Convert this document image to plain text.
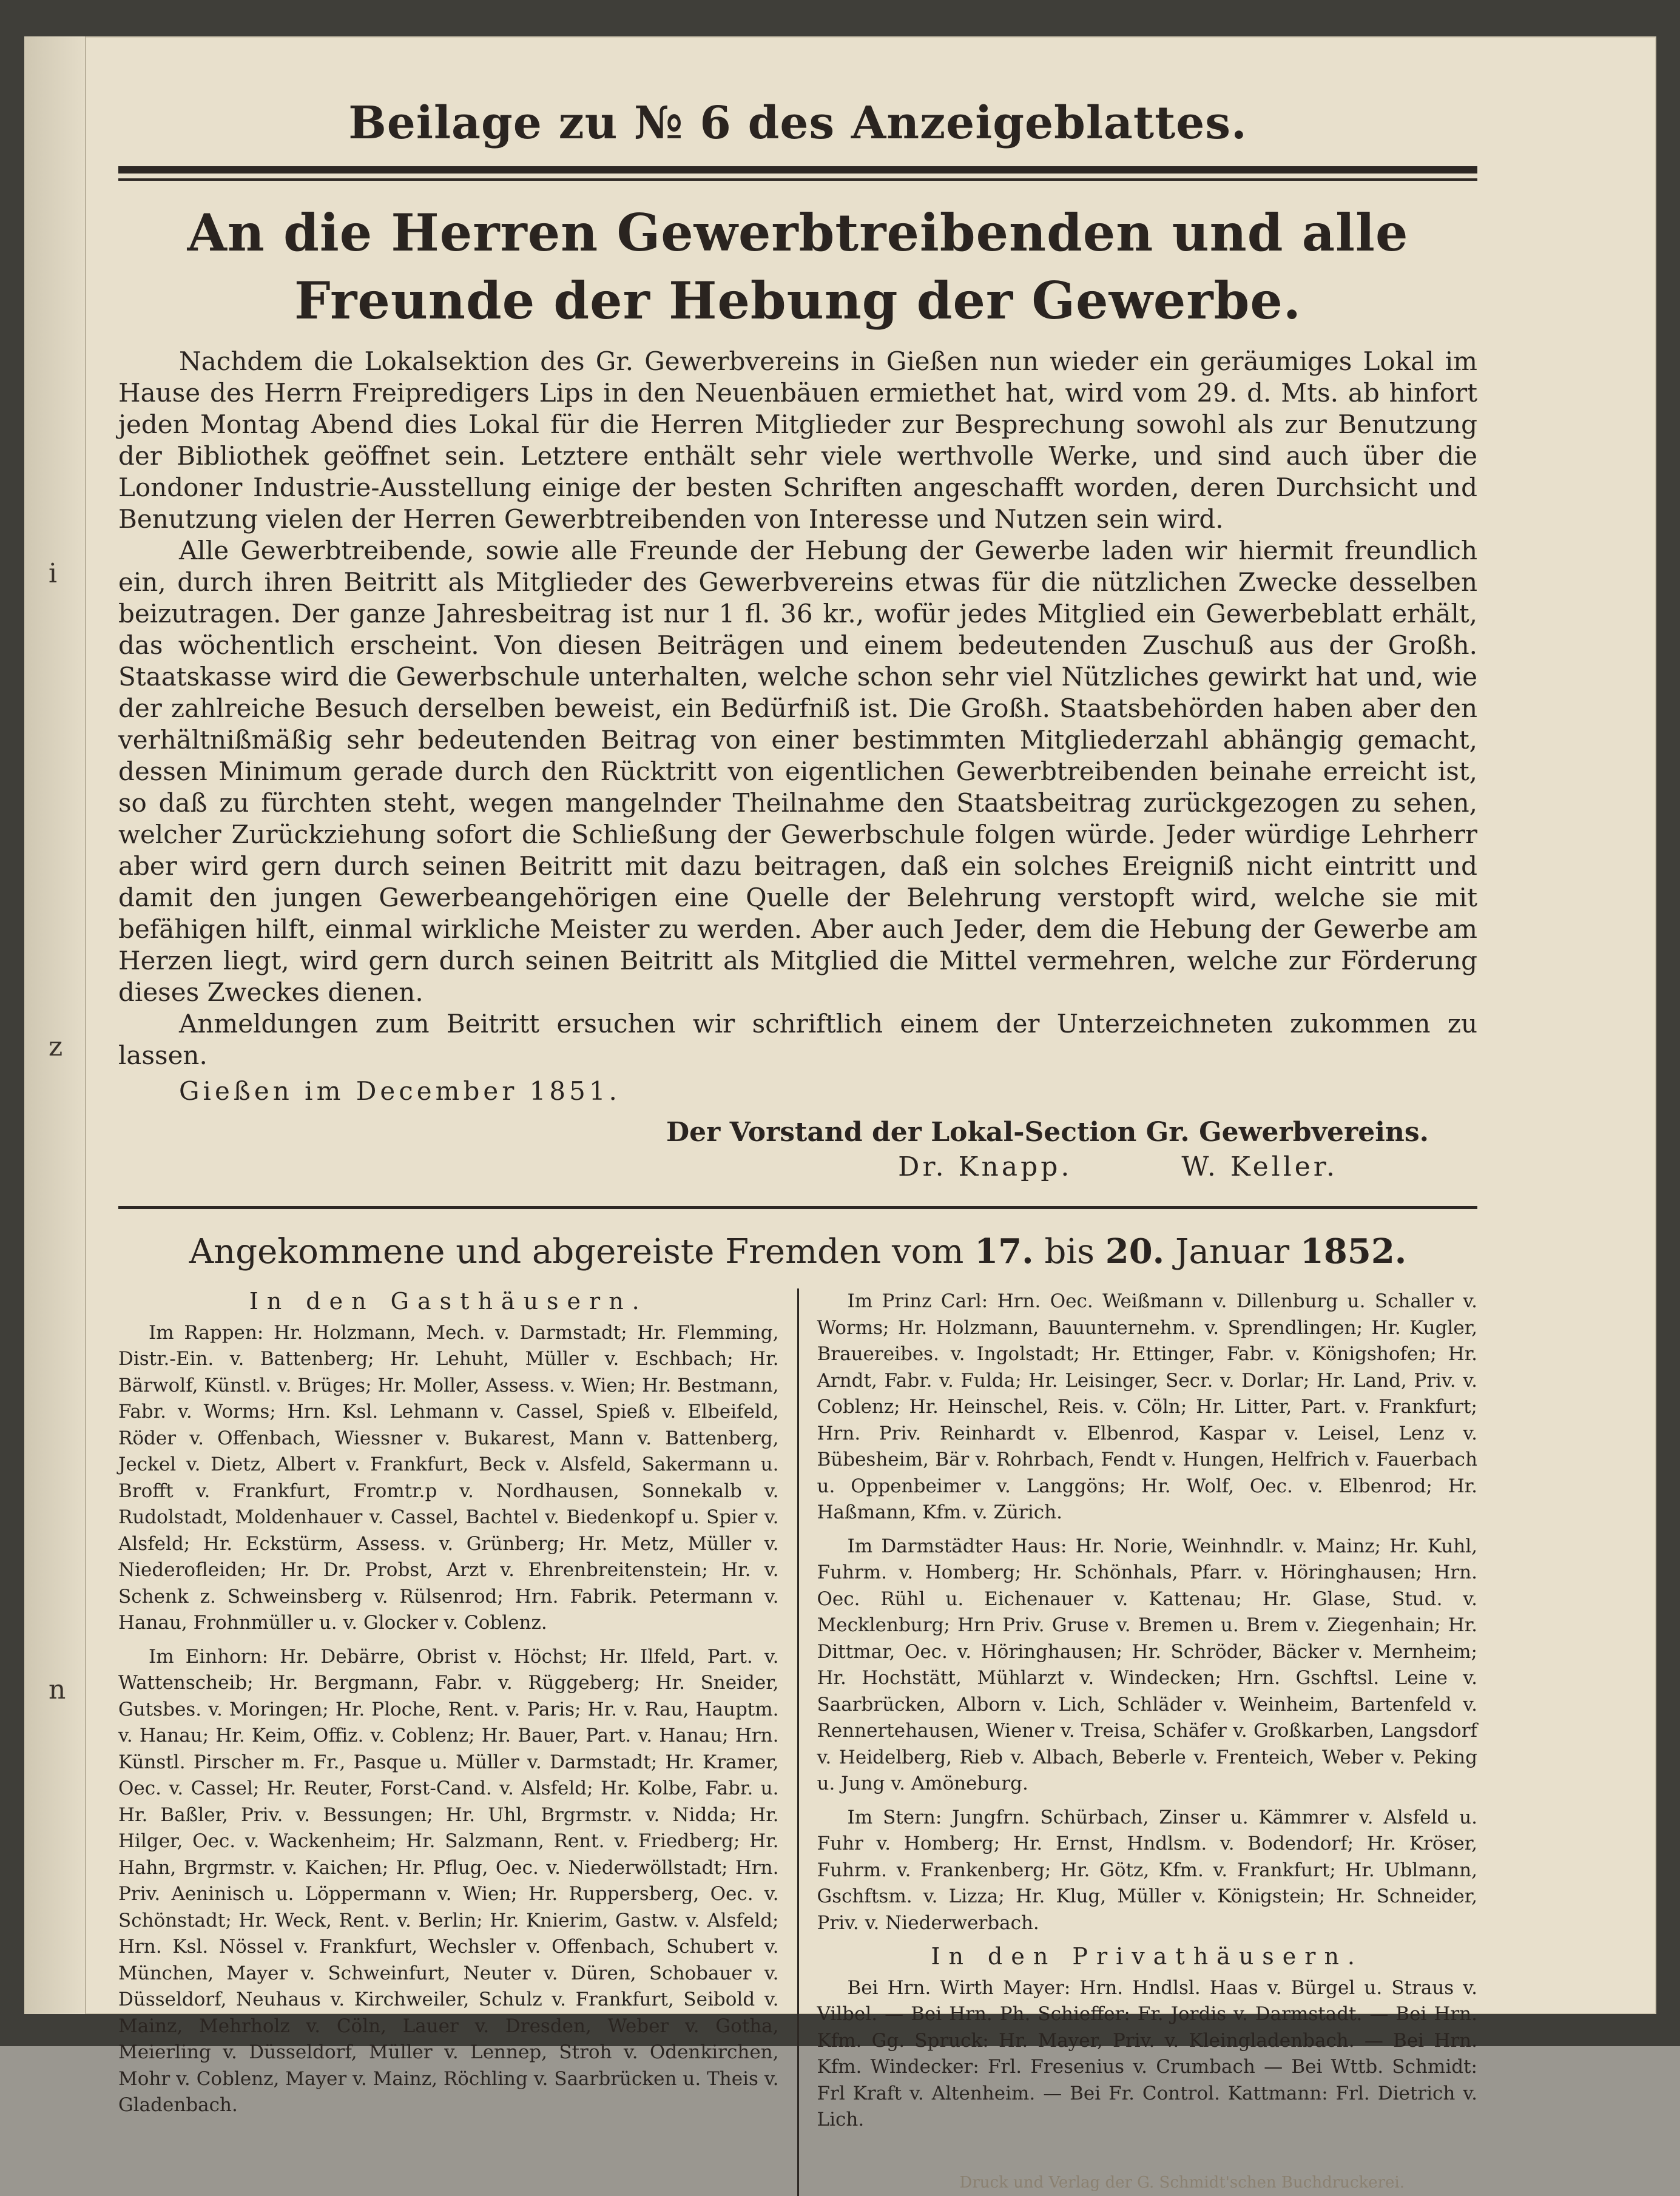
i
z
n
Beilage zu № 6 des Anzeigeblattes.
An die Herren Gewerbtreibenden und alle Freunde der Hebung der Gewerbe.

Nachdem die Lokalsektion des Gr. Gewerbvereins in Gießen nun wieder ein geräumiges Lokal im Hause des Herrn Freipredigers Lips in den Neuenbäuen ermiethet hat, wird vom 29. d. Mts. ab hinfort jeden Montag Abend dies Lokal für die Herren Mitglieder zur Besprechung sowohl als zur Benutzung der Bibliothek geöffnet sein. Letztere enthält sehr viele werthvolle Werke, und sind auch über die Londoner Industrie-Ausstellung einige der besten Schriften angeschafft worden, deren Durchsicht und Benutzung vielen der Herren Gewerbtreibenden von Interesse und Nutzen sein wird.

Alle Gewerbtreibende, sowie alle Freunde der Hebung der Gewerbe laden wir hiermit freundlich ein, durch ihren Beitritt als Mitglieder des Gewerbvereins etwas für die nützlichen Zwecke desselben beizutragen. Der ganze Jahresbeitrag ist nur 1 fl. 36 kr., wofür jedes Mitglied ein Gewerbeblatt erhält, das wöchentlich erscheint. Von diesen Beiträgen und einem bedeutenden Zuschuß aus der Großh. Staatskasse wird die Gewerbschule unterhalten, welche schon sehr viel Nützliches gewirkt hat und, wie der zahlreiche Besuch derselben beweist, ein Bedürfniß ist. Die Großh. Staatsbehörden haben aber den verhältnißmäßig sehr bedeutenden Beitrag von einer bestimmten Mitgliederzahl abhängig gemacht, dessen Minimum gerade durch den Rücktritt von eigentlichen Gewerbtreibenden beinahe erreicht ist, so daß zu fürchten steht, wegen mangelnder Theilnahme den Staatsbeitrag zurückgezogen zu sehen, welcher Zurückziehung sofort die Schließung der Gewerbschule folgen würde. Jeder würdige Lehrherr aber wird gern durch seinen Beitritt mit dazu beitragen, daß ein solches Ereigniß nicht eintritt und damit den jungen Gewerbeangehörigen eine Quelle der Belehrung verstopft wird, welche sie mit befähigen hilft, einmal wirkliche Meister zu werden. Aber auch Jeder, dem die Hebung der Gewerbe am Herzen liegt, wird gern durch seinen Beitritt als Mitglied die Mittel vermehren, welche zur Förderung dieses Zweckes dienen.

Anmeldungen zum Beitritt ersuchen wir schriftlich einem der Unterzeichneten zukommen zu lassen.

Gießen im December 1851.
Der Vorstand der Lokal-Section Gr. Gewerbvereins.
Dr. Knapp.	W. Keller.
Angekommene und abgereiste Fremden vom 17. bis 20. Januar 1852.
In den Gasthäusern.

Im Rappen: Hr. Holzmann, Mech. v. Darmstadt; Hr. Flemming, Distr.-Ein. v. Battenberg; Hr. Lehuht, Müller v. Eschbach; Hr. Bärwolf, Künstl. v. Brüges; Hr. Moller, Assess. v. Wien; Hr. Bestmann, Fabr. v. Worms; Hrn. Ksl. Lehmann v. Cassel, Spieß v. Elbeifeld, Röder v. Offenbach, Wiessner v. Bukarest, Mann v. Battenberg, Jeckel v. Dietz, Albert v. Frankfurt, Beck v. Alsfeld, Sakermann u. Brofft v. Frankfurt, Fromtr.p v. Nordhausen, Sonnekalb v. Rudolstadt, Moldenhauer v. Cassel, Bachtel v. Biedenkopf u. Spier v. Alsfeld; Hr. Eckstürm, Assess. v. Grünberg; Hr. Metz, Müller v. Niederofleiden; Hr. Dr. Probst, Arzt v. Ehrenbreitenstein; Hr. v. Schenk z. Schweinsberg v. Rülsenrod; Hrn. Fabrik. Petermann v. Hanau, Frohnmüller u. v. Glocker v. Coblenz.

Im Einhorn: Hr. Debärre, Obrist v. Höchst; Hr. Ilfeld, Part. v. Wattenscheib; Hr. Bergmann, Fabr. v. Rüggeberg; Hr. Sneider, Gutsbes. v. Moringen; Hr. Ploche, Rent. v. Paris; Hr. v. Rau, Hauptm. v. Hanau; Hr. Keim, Offiz. v. Coblenz; Hr. Bauer, Part. v. Hanau; Hrn. Künstl. Pirscher m. Fr., Pasque u. Müller v. Darmstadt; Hr. Kramer, Oec. v. Cassel; Hr. Reuter, Forst-Cand. v. Alsfeld; Hr. Kolbe, Fabr. u. Hr. Baßler, Priv. v. Bessungen; Hr. Uhl, Brgrmstr. v. Nidda; Hr. Hilger, Oec. v. Wackenheim; Hr. Salzmann, Rent. v. Friedberg; Hr. Hahn, Brgrmstr. v. Kaichen; Hr. Pflug, Oec. v. Niederwöllstadt; Hrn. Priv. Aeninisch u. Löppermann v. Wien; Hr. Ruppersberg, Oec. v. Schönstadt; Hr. Weck, Rent. v. Berlin; Hr. Knierim, Gastw. v. Alsfeld; Hrn. Ksl. Nössel v. Frankfurt, Wechsler v. Offenbach, Schubert v. München, Mayer v. Schweinfurt, Neuter v. Düren, Schobauer v. Düsseldorf, Neuhaus v. Kirchweiler, Schulz v. Frankfurt, Seibold v. Mainz, Mehrholz v. Cöln, Lauer v. Dresden, Weber v. Gotha, Meierling v. Düsseldorf, Müller v. Lennep, Stroh v. Odenkirchen, Mohr v. Coblenz, Mayer v. Mainz, Röchling v. Saarbrücken u. Theis v. Gladenbach.

Im Prinz Carl: Hrn. Oec. Weißmann v. Dillenburg u. Schaller v. Worms; Hr. Holzmann, Bauunternehm. v. Sprendlingen; Hr. Kugler, Brauereibes. v. Ingolstadt; Hr. Ettinger, Fabr. v. Königshofen; Hr. Arndt, Fabr. v. Fulda; Hr. Leisinger, Secr. v. Dorlar; Hr. Land, Priv. v. Coblenz; Hr. Heinschel, Reis. v. Cöln; Hr. Litter, Part. v. Frankfurt; Hrn. Priv. Reinhardt v. Elbenrod, Kaspar v. Leisel, Lenz v. Bübesheim, Bär v. Rohrbach, Fendt v. Hungen, Helfrich v. Fauerbach u. Oppenbeimer v. Langgöns; Hr. Wolf, Oec. v. Elbenrod; Hr. Haßmann, Kfm. v. Zürich.

Im Darmstädter Haus: Hr. Norie, Weinhndlr. v. Mainz; Hr. Kuhl, Fuhrm. v. Homberg; Hr. Schönhals, Pfarr. v. Höringhausen; Hrn. Oec. Rühl u. Eichenauer v. Kattenau; Hr. Glase, Stud. v. Mecklenburg; Hrn Priv. Gruse v. Bremen u. Brem v. Ziegenhain; Hr. Dittmar, Oec. v. Höringhausen; Hr. Schröder, Bäcker v. Mernheim; Hr. Hochstätt, Mühlarzt v. Windecken; Hrn. Gschftsl. Leine v. Saarbrücken, Alborn v. Lich, Schläder v. Weinheim, Bartenfeld v. Rennertehausen, Wiener v. Treisa, Schäfer v. Großkarben, Langsdorf v. Heidelberg, Rieb v. Albach, Beberle v. Frenteich, Weber v. Peking u. Jung v. Amöneburg.

Im Stern: Jungfrn. Schürbach, Zinser u. Kämmrer v. Alsfeld u. Fuhr v. Homberg; Hr. Ernst, Hndlsm. v. Bodendorf; Hr. Kröser, Fuhrm. v. Frankenberg; Hr. Götz, Kfm. v. Frankfurt; Hr. Ublmann, Gschftsm. v. Lizza; Hr. Klug, Müller v. Königstein; Hr. Schneider, Priv. v. Niederwerbach.

In den Privathäusern.

Bei Hrn. Wirth Mayer: Hrn. Hndlsl. Haas v. Bürgel u. Straus v. Vilbel. — Bei Hrn. Ph. Schieffer: Fr. Jordis v. Darmstadt. — Bei Hrn. Kfm. Gg. Spruck: Hr. Mayer, Priv. v. Kleingladenbach. — Bei Hrn. Kfm. Windecker: Frl. Fresenius v. Crumbach — Bei Wttb. Schmidt: Frl Kraft v. Altenheim. — Bei Fr. Control. Kattmann: Frl. Dietrich v. Lich.

Druck und Verlag der G. Schmidt'schen Buchdruckerei.
